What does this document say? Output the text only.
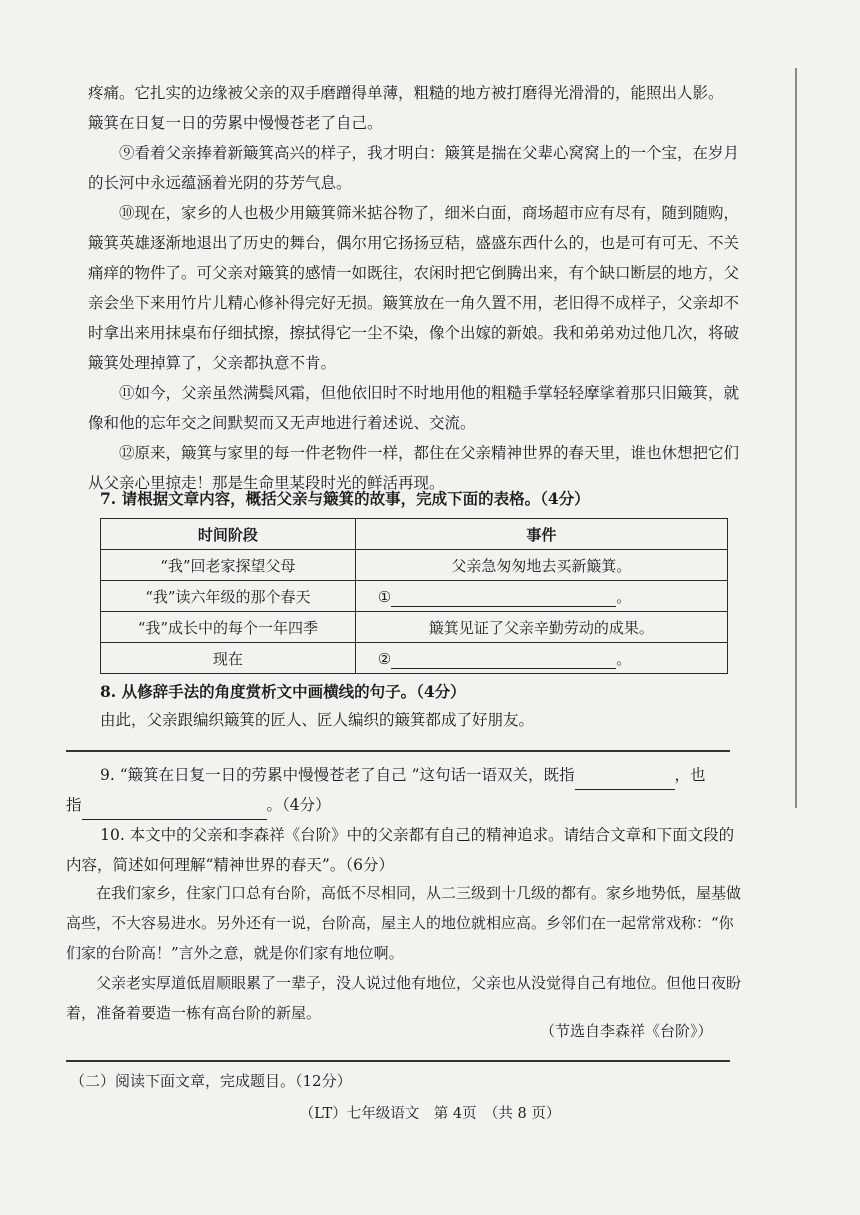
疼痛。它扎实的边缘被父亲的双手磨蹭得单薄，粗糙的地方被打磨得光滑滑的，能照出人影。

簸箕在日复一日的劳累中慢慢苍老了自己。

⑨看着父亲捧着新簸箕高兴的样子，我才明白：簸箕是揣在父辈心窝窝上的一个宝，在岁月的长河中永远蕴涵着光阴的芬芳气息。

⑩现在，家乡的人也极少用簸箕筛米掂谷物了，细米白面，商场超市应有尽有，随到随购，簸箕英雄逐渐地退出了历史的舞台，偶尔用它扬扬豆秸，盛盛东西什么的，也是可有可无、不关痛痒的物件了。可父亲对簸箕的感情一如既往，农闲时把它倒腾出来，有个缺口断层的地方，父亲会坐下来用竹片儿精心修补得完好无损。簸箕放在一角久置不用，老旧得不成样子，父亲却不时拿出来用抹桌布仔细拭擦，擦拭得它一尘不染，像个出嫁的新娘。我和弟弟劝过他几次，将破簸箕处理掉算了，父亲都执意不肯。

⑪如今，父亲虽然满鬓风霜，但他依旧时不时地用他的粗糙手掌轻轻摩挲着那只旧簸箕，就像和他的忘年交之间默契而又无声地进行着述说、交流。

⑫原来，簸箕与家里的每一件老物件一样，都住在父亲精神世界的春天里，谁也休想把它们从父亲心里掠走！那是生命里某段时光的鲜活再现。

7. 请根据文章内容，概括父亲与簸箕的故事，完成下面的表格。（4分）
时间阶段	事件
“我”回老家探望父母	父亲急匆匆地去买新簸箕。
“我”读六年级的那个春天	① 。
“我”成长中的每个一年四季	簸箕见证了父亲辛勤劳动的成果。
现在	② 。
8. 从修辞手法的角度赏析文中画横线的句子。（4分）
由此，父亲跟编织簸箕的匠人、匠人编织的簸箕都成了好朋友。
9. “簸箕在日复一日的劳累中慢慢苍老了自己 ”这句话一语双关，既指	，也
指	。（4分）
10. 本文中的父亲和李森祥《台阶》中的父亲都有自己的精神追求。请结合文章和下面文段的内容，简述如何理解“精神世界的春天”。（6分）

在我们家乡，住家门口总有台阶，高低不尽相同，从二三级到十几级的都有。家乡地势低，屋基做高些，不大容易进水。另外还有一说，台阶高，屋主人的地位就相应高。乡邻们在一起常常戏称：“你们家的台阶高！”言外之意，就是你们家有地位啊。

父亲老实厚道低眉顺眼累了一辈子，没人说过他有地位，父亲也从没觉得自己有地位。但他日夜盼着，准备着要造一栋有高台阶的新屋。

（节选自李森祥《台阶》）
（二）阅读下面文章，完成题目。（12分）
（LT）七年级语文　第 4页　（共 8 页）
